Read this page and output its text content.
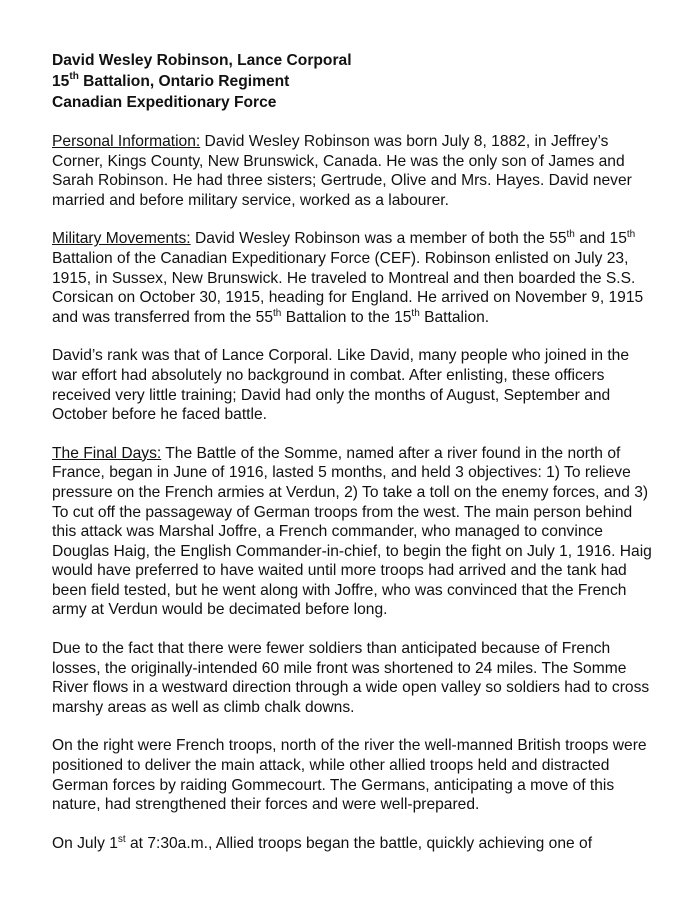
David Wesley Robinson, Lance Corporal
15th Battalion, Ontario Regiment
Canadian Expeditionary Force

Personal Information: David Wesley Robinson was born July 8, 1882, in Jeffrey’s Corner, Kings County, New Brunswick, Canada. He was the only son of James and Sarah Robinson. He had three sisters; Gertrude, Olive and Mrs. Hayes. David never married and before military service, worked as a labourer.

Military Movements: David Wesley Robinson was a member of both the 55th and 15th Battalion of the Canadian Expeditionary Force (CEF). Robinson enlisted on July 23, 1915, in Sussex, New Brunswick. He traveled to Montreal and then boarded the S.S. Corsican on October 30, 1915, heading for England. He arrived on November 9, 1915 and was transferred from the 55th Battalion to the 15th Battalion.

David’s rank was that of Lance Corporal. Like David, many people who joined in the war effort had absolutely no background in combat. After enlisting, these officers received very little training; David had only the months of August, September and October before he faced battle.

The Final Days: The Battle of the Somme, named after a river found in the north of France, began in June of 1916, lasted 5 months, and held 3 objectives: 1) To relieve pressure on the French armies at Verdun, 2) To take a toll on the enemy forces, and 3) To cut off the passageway of German troops from the west. The main person behind this attack was Marshal Joffre, a French commander, who managed to convince Douglas Haig, the English Commander-in-chief, to begin the fight on July 1, 1916. Haig would have preferred to have waited until more troops had arrived and the tank had been field tested, but he went along with Joffre, who was convinced that the French army at Verdun would be decimated before long.

Due to the fact that there were fewer soldiers than anticipated because of French losses, the originally-intended 60 mile front was shortened to 24 miles. The Somme River flows in a westward direction through a wide open valley so soldiers had to cross marshy areas as well as climb chalk downs.

On the right were French troops, north of the river the well-manned British troops were positioned to deliver the main attack, while other allied troops held and distracted German forces by raiding Gommecourt. The Germans, anticipating a move of this nature, had strengthened their forces and were well-prepared.

On July 1st at 7:30a.m., Allied troops began the battle, quickly achieving one of
